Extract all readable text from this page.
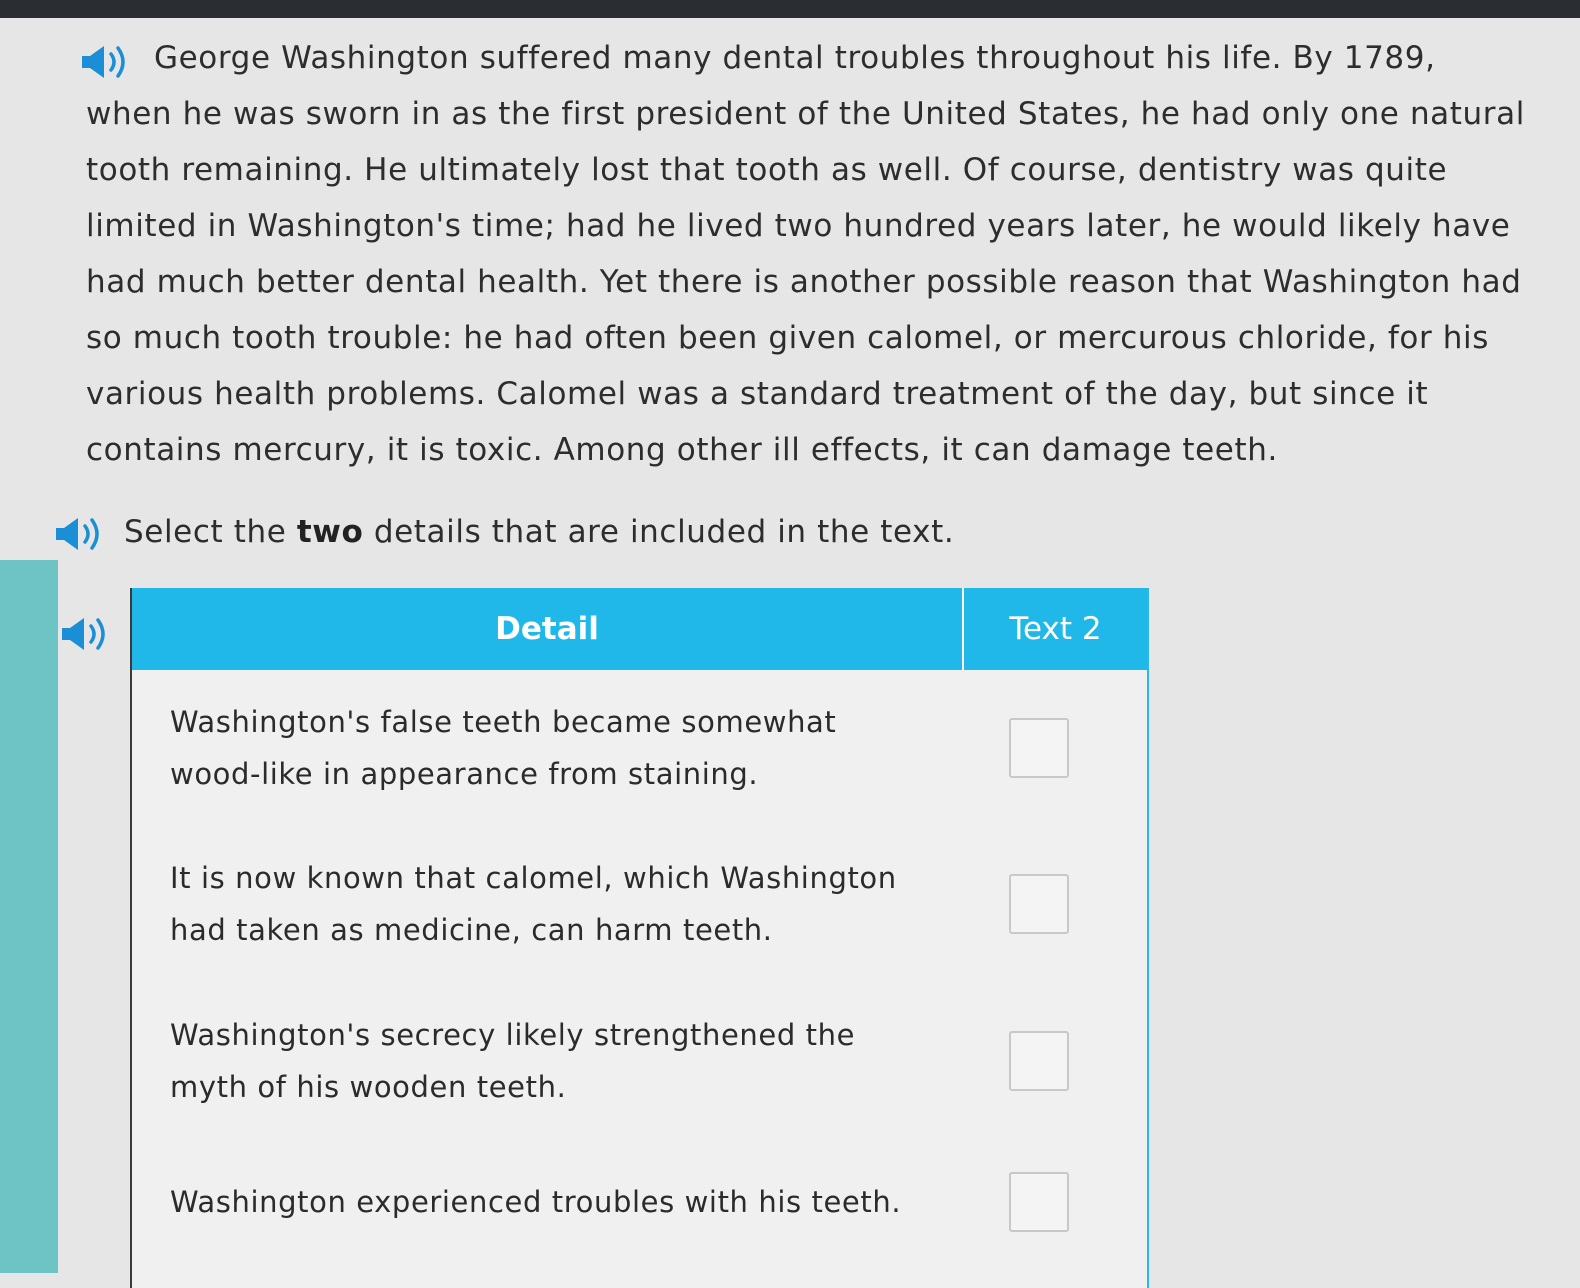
George Washington suffered many dental troubles throughout his life. By 1789, when he was sworn in as the first president of the United States, he had only one natural tooth remaining. He ultimately lost that tooth as well. Of course, dentistry was quite limited in Washington's time; had he lived two hundred years later, he would likely have had much better dental health. Yet there is another possible reason that Washington had so much tooth trouble: he had often been given calomel, or mercurous chloride, for his various health problems. Calomel was a standard treatment of the day, but since it contains mercury, it is toxic. Among other ill effects, it can damage teeth.

Select the two details that are included in the text.
Detail	Text 2
Washington's false teeth became somewhat wood-like in appearance from staining.
It is now known that calomel, which Washington had taken as medicine, can harm teeth.
Washington's secrecy likely strengthened the myth of his wooden teeth.
Washington experienced troubles with his teeth.
